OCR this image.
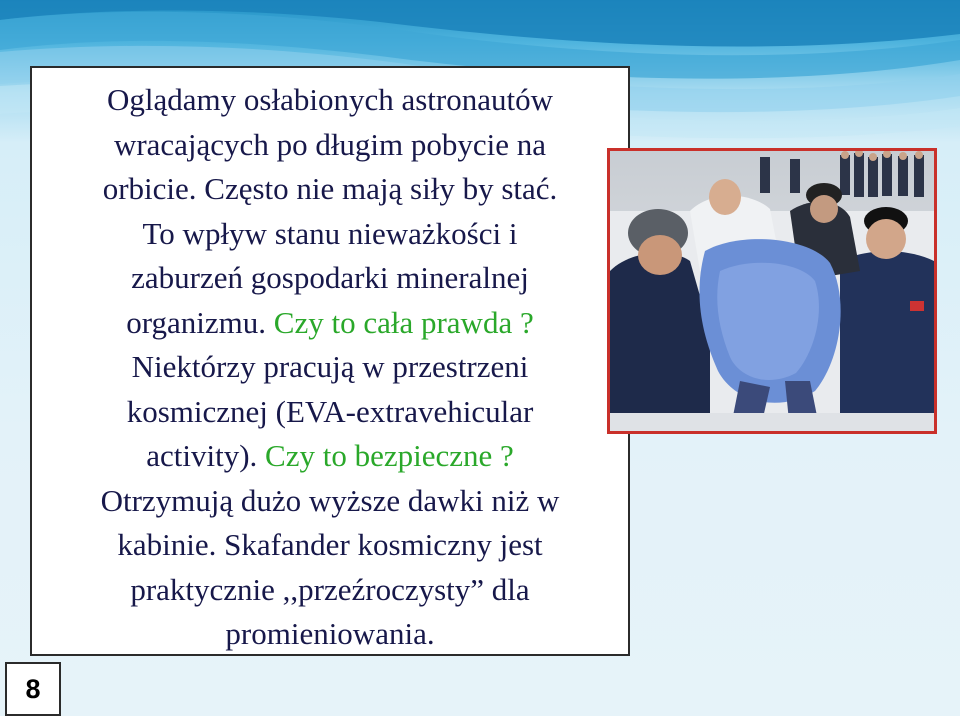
Oglądamy osłabionych astronautów
wracających po długim pobycie na
orbicie. Często nie mają siły by stać.
To wpływ stanu nieważkości i
zaburzeń gospodarki mineralnej
organizmu. Czy to cała prawda ?
Niektórzy pracują w przestrzeni
kosmicznej (EVA-extravehicular
activity). Czy to bezpieczne ?
Otrzymują dużo wyższe dawki niż w
kabinie. Skafander kosmiczny jest
praktycznie ,,przeźroczysty” dla
promieniowania.
8
